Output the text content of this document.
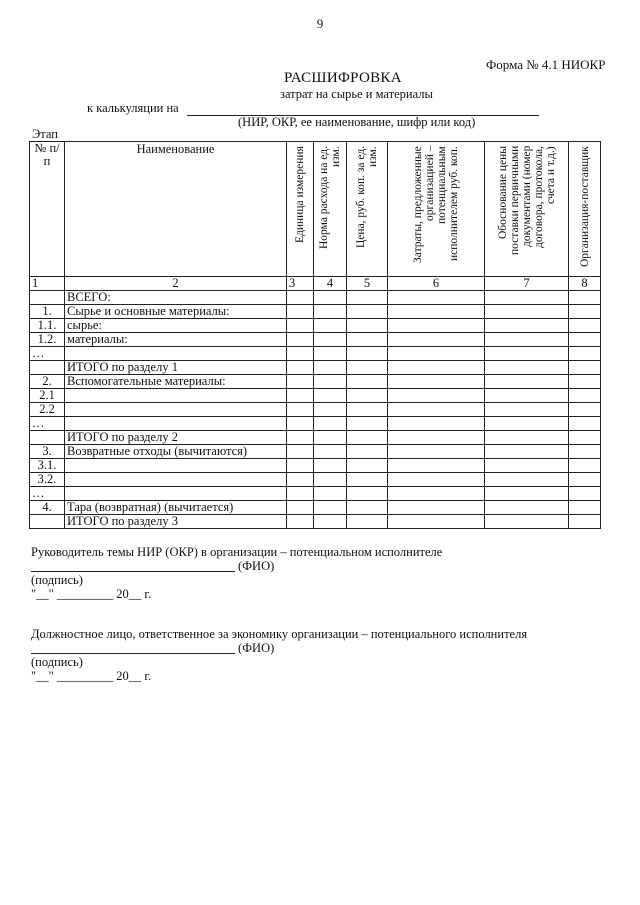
9
Форма № 4.1 НИОКР
РАСШИФРОВКА
затрат на сырье и материалы
к калькуляции на
(НИР, ОКР, ее наименование, шифр или код)
Этап
№ п/п	Наименование	Единица измерения	Норма расхода на ед. изм.	Цена, руб. коп. за ед. изм.	Затраты, предложенные организацией – потенциальным исполнителем руб. коп.	Обоснование цены поставки первичными документами (номер договора, протокола, счета и т.д.)	Организация-поставщик

1	2	3	4	5	6	7	8
	ВСЕГО:						
1.	Сырье и основные материалы:						
1.1.	сырье:						
1.2.	материалы:						
…							
	ИТОГО по разделу 1						
2.	Вспомогательные материалы:						
2.1							
2.2							
…							
	ИТОГО по разделу 2						
3.	Возвратные отходы (вычитаются)						
3.1.							
3.2.							
…							
4.	Тара (возвратная) (вычитается)						
	ИТОГО по разделу 3						
Руководитель темы НИР (ОКР) в организации – потенциальном исполнителе
(ФИО)
(подпись)
"__" _________ 20__ г.
Должностное лицо, ответственное за экономику организации – потенциального исполнителя
(ФИО)
(подпись)
"__" _________ 20__ г.
